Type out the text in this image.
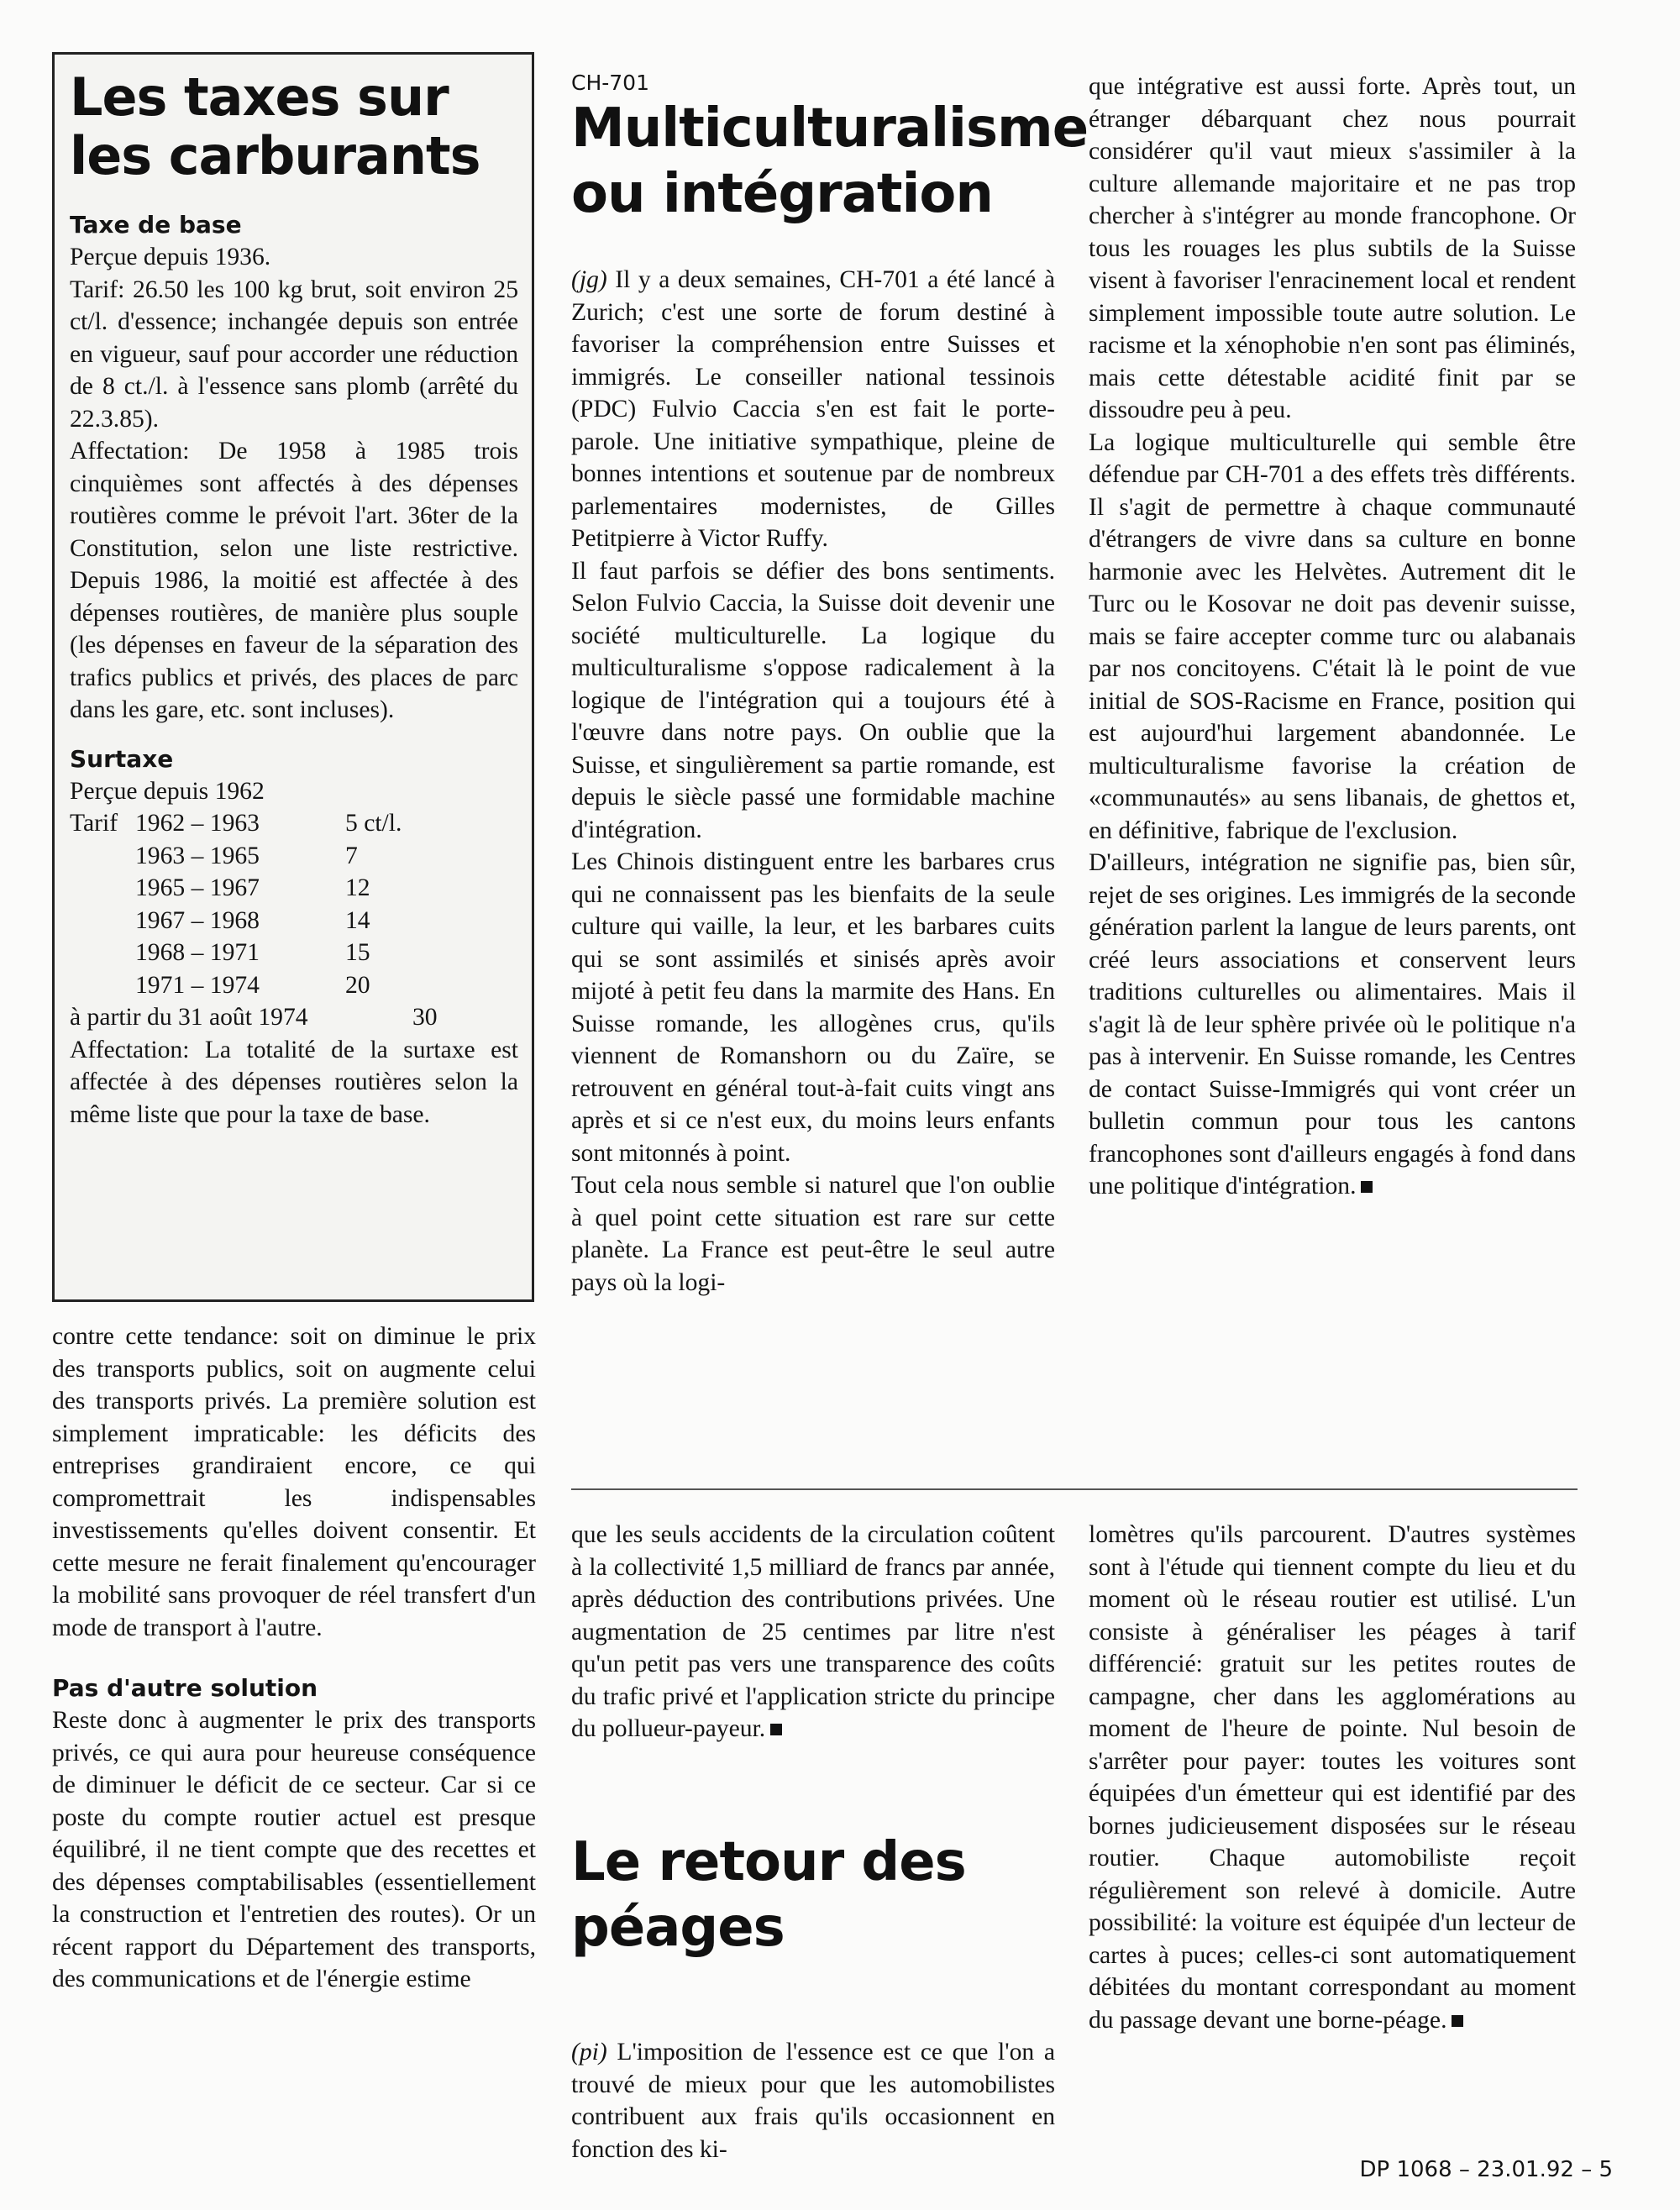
Les taxes sur les carburants

Taxe de base

Perçue depuis 1936.

Tarif: 26.50 les 100 kg brut, soit environ 25 ct/l. d'essence; inchangée depuis son entrée en vigueur, sauf pour accorder une réduction de 8 ct./l. à l'essence sans plomb (arrêté du 22.3.85).

Affectation: De 1958 à 1985 trois cinquièmes sont affectés à des dépenses routières comme le prévoit l'art. 36ter de la Constitution, selon une liste restrictive. Depuis 1986, la moitié est affectée à des dépenses routières, de manière plus souple (les dépenses en faveur de la séparation des trafics publics et privés, des places de parc dans les gare, etc. sont incluses).

Surtaxe

Perçue depuis 1962

Tarif 1962 – 1963	5 ct/l.
1963 – 1965	7
1965 – 1967	12
1967 – 1968	14
1968 – 1971	15
1971 – 1974	20
à partir du 31 août 1974	30

Affectation: La totalité de la surtaxe est affectée à des dépenses routières selon la même liste que pour la taxe de base.

contre cette tendance: soit on diminue le prix des transports publics, soit on augmente celui des transports privés. La première solution est simplement impraticable: les déficits des entreprises grandiraient encore, ce qui compromettrait les indispensables investissements qu'elles doivent consentir. Et cette mesure ne ferait finalement qu'encourager la mobilité sans provoquer de réel transfert d'un mode de transport à l'autre.

Pas d'autre solution

Reste donc à augmenter le prix des transports privés, ce qui aura pour heureuse conséquence de diminuer le déficit de ce secteur. Car si ce poste du compte routier actuel est presque équilibré, il ne tient compte que des recettes et des dépenses comptabilisables (essentiellement la construction et l'entretien des routes). Or un récent rapport du Département des transports, des communications et de l'énergie estime

CH-701

Multiculturalisme ou intégration

(jg) Il y a deux semaines, CH-701 a été lancé à Zurich; c'est une sorte de forum destiné à favoriser la compréhension entre Suisses et immigrés. Le conseiller national tessinois (PDC) Fulvio Caccia s'en est fait le porte-parole. Une initiative sympathique, pleine de bonnes intentions et soutenue par de nombreux parlementaires modernistes, de Gilles Petitpierre à Victor Ruffy.

Il faut parfois se défier des bons sentiments. Selon Fulvio Caccia, la Suisse doit devenir une société multiculturelle. La logique du multiculturalisme s'oppose radicalement à la logique de l'intégration qui a toujours été à l'œuvre dans notre pays. On oublie que la Suisse, et singulièrement sa partie romande, est depuis le siècle passé une formidable machine d'intégration.

Les Chinois distinguent entre les barbares crus qui ne connaissent pas les bienfaits de la seule culture qui vaille, la leur, et les barbares cuits qui se sont assimilés et sinisés après avoir mijoté à petit feu dans la marmite des Hans. En Suisse romande, les allogènes crus, qu'ils viennent de Romanshorn ou du Zaïre, se retrouvent en général tout-à-fait cuits vingt ans après et si ce n'est eux, du moins leurs enfants sont mitonnés à point.

Tout cela nous semble si naturel que l'on oublie à quel point cette situation est rare sur cette planète. La France est peut-être le seul autre pays où la logi-

que intégrative est aussi forte. Après tout, un étranger débarquant chez nous pourrait considérer qu'il vaut mieux s'assimiler à la culture allemande majoritaire et ne pas trop chercher à s'intégrer au monde francophone. Or tous les rouages les plus subtils de la Suisse visent à favoriser l'enracinement local et rendent simplement impossible toute autre solution. Le racisme et la xénophobie n'en sont pas éliminés, mais cette détestable acidité finit par se dissoudre peu à peu.

La logique multiculturelle qui semble être défendue par CH-701 a des effets très différents. Il s'agit de permettre à chaque communauté d'étrangers de vivre dans sa culture en bonne harmonie avec les Helvètes. Autrement dit le Turc ou le Kosovar ne doit pas devenir suisse, mais se faire accepter comme turc ou alabanais par nos concitoyens. C'était là le point de vue initial de SOS-Racisme en France, position qui est aujourd'hui largement abandonnée. Le multiculturalisme favorise la création de «communautés» au sens libanais, de ghettos et, en définitive, fabrique de l'exclusion.

D'ailleurs, intégration ne signifie pas, bien sûr, rejet de ses origines. Les immigrés de la seconde génération parlent la langue de leurs parents, ont créé leurs associations et conservent leurs traditions culturelles ou alimentaires. Mais il s'agit là de leur sphère privée où le politique n'a pas à intervenir. En Suisse romande, les Centres de contact Suisse-Immigrés qui vont créer un bulletin commun pour tous les cantons francophones sont d'ailleurs engagés à fond dans une politique d'intégration.

que les seuls accidents de la circulation coûtent à la collectivité 1,5 milliard de francs par année, après déduction des contributions privées. Une augmentation de 25 centimes par litre n'est qu'un petit pas vers une transparence des coûts du trafic privé et l'application stricte du principe du pollueur-payeur.

Le retour des péages

(pi) L'imposition de l'essence est ce que l'on a trouvé de mieux pour que les automobilistes contribuent aux frais qu'ils occasionnent en fonction des ki-

lomètres qu'ils parcourent. D'autres systèmes sont à l'étude qui tiennent compte du lieu et du moment où le réseau routier est utilisé. L'un consiste à généraliser les péages à tarif différencié: gratuit sur les petites routes de campagne, cher dans les agglomérations au moment de l'heure de pointe. Nul besoin de s'arrêter pour payer: toutes les voitures sont équipées d'un émetteur qui est identifié par des bornes judicieusement disposées sur le réseau routier. Chaque automobiliste reçoit régulièrement son relevé à domicile. Autre possibilité: la voiture est équipée d'un lecteur de cartes à puces; celles-ci sont automatiquement débitées du montant correspondant au moment du passage devant une borne-péage.

DP 1068 – 23.01.92 – 5
